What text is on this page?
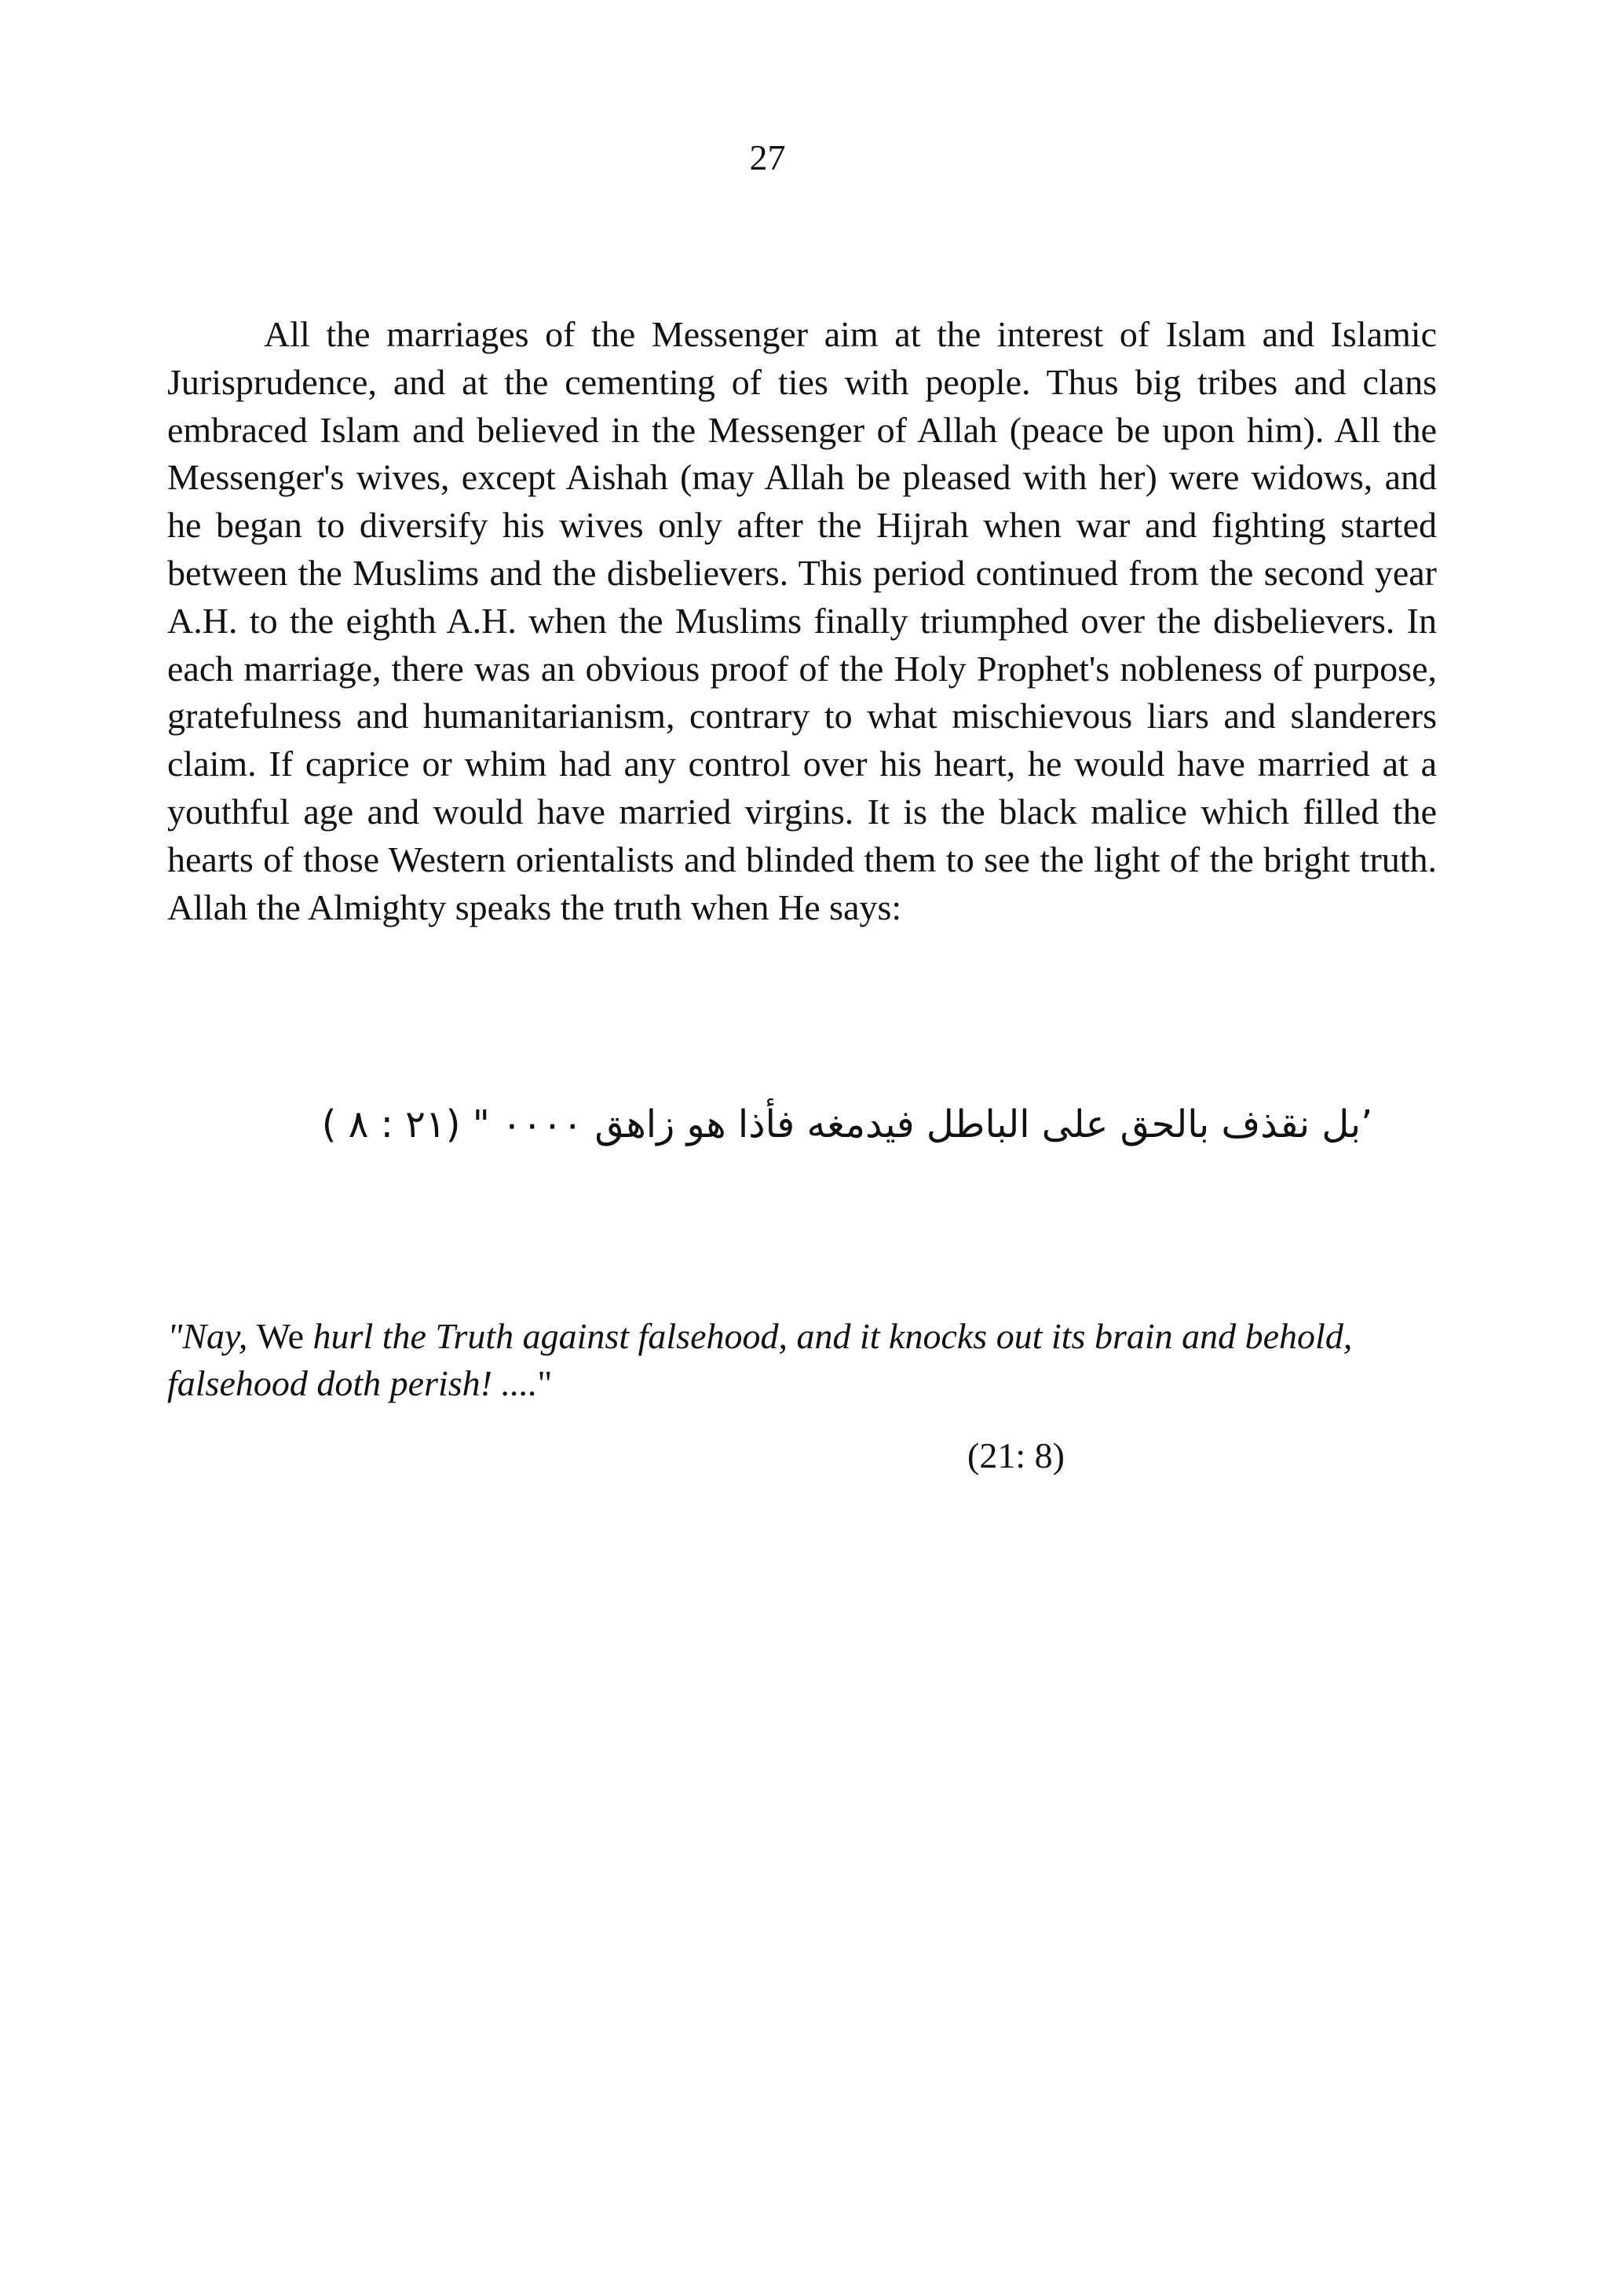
27

All the marriages of the Messenger aim at the interest of Islam and Islamic Jurisprudence, and at the cementing of ties with people. Thus big tribes and clans embraced Islam and believed in the Messenger of Allah (peace be upon him). All the Messenger's wives, except Aishah (may Allah be pleased with her) were widows, and he began to diversify his wives only after the Hijrah when war and fighting started between the Muslims and the disbelievers. This period continued from the second year A.H. to the eighth A.H. when the Muslims finally triumphed over the disbelievers. In each marriage, there was an obvious proof of the Holy Prophet's nobleness of purpose, gratefulness and humanitarianism, contrary to what mischievous liars and slanderers claim. If caprice or whim had any control over his heart, he would have married at a youthful age and would have married virgins. It is the black malice which filled the hearts of those Western orientalists and blinded them to see the light of the bright truth. Allah the Almighty speaks the truth when He says:

’بل نقذف بالحق على الباطل فيدمغه فأذا هو زاهق ۰۰۰۰ " (۲۱ : ۸ )

"Nay, We hurl the Truth against falsehood, and it knocks out its brain and behold, falsehood doth perish! ...."

(21: 8)
